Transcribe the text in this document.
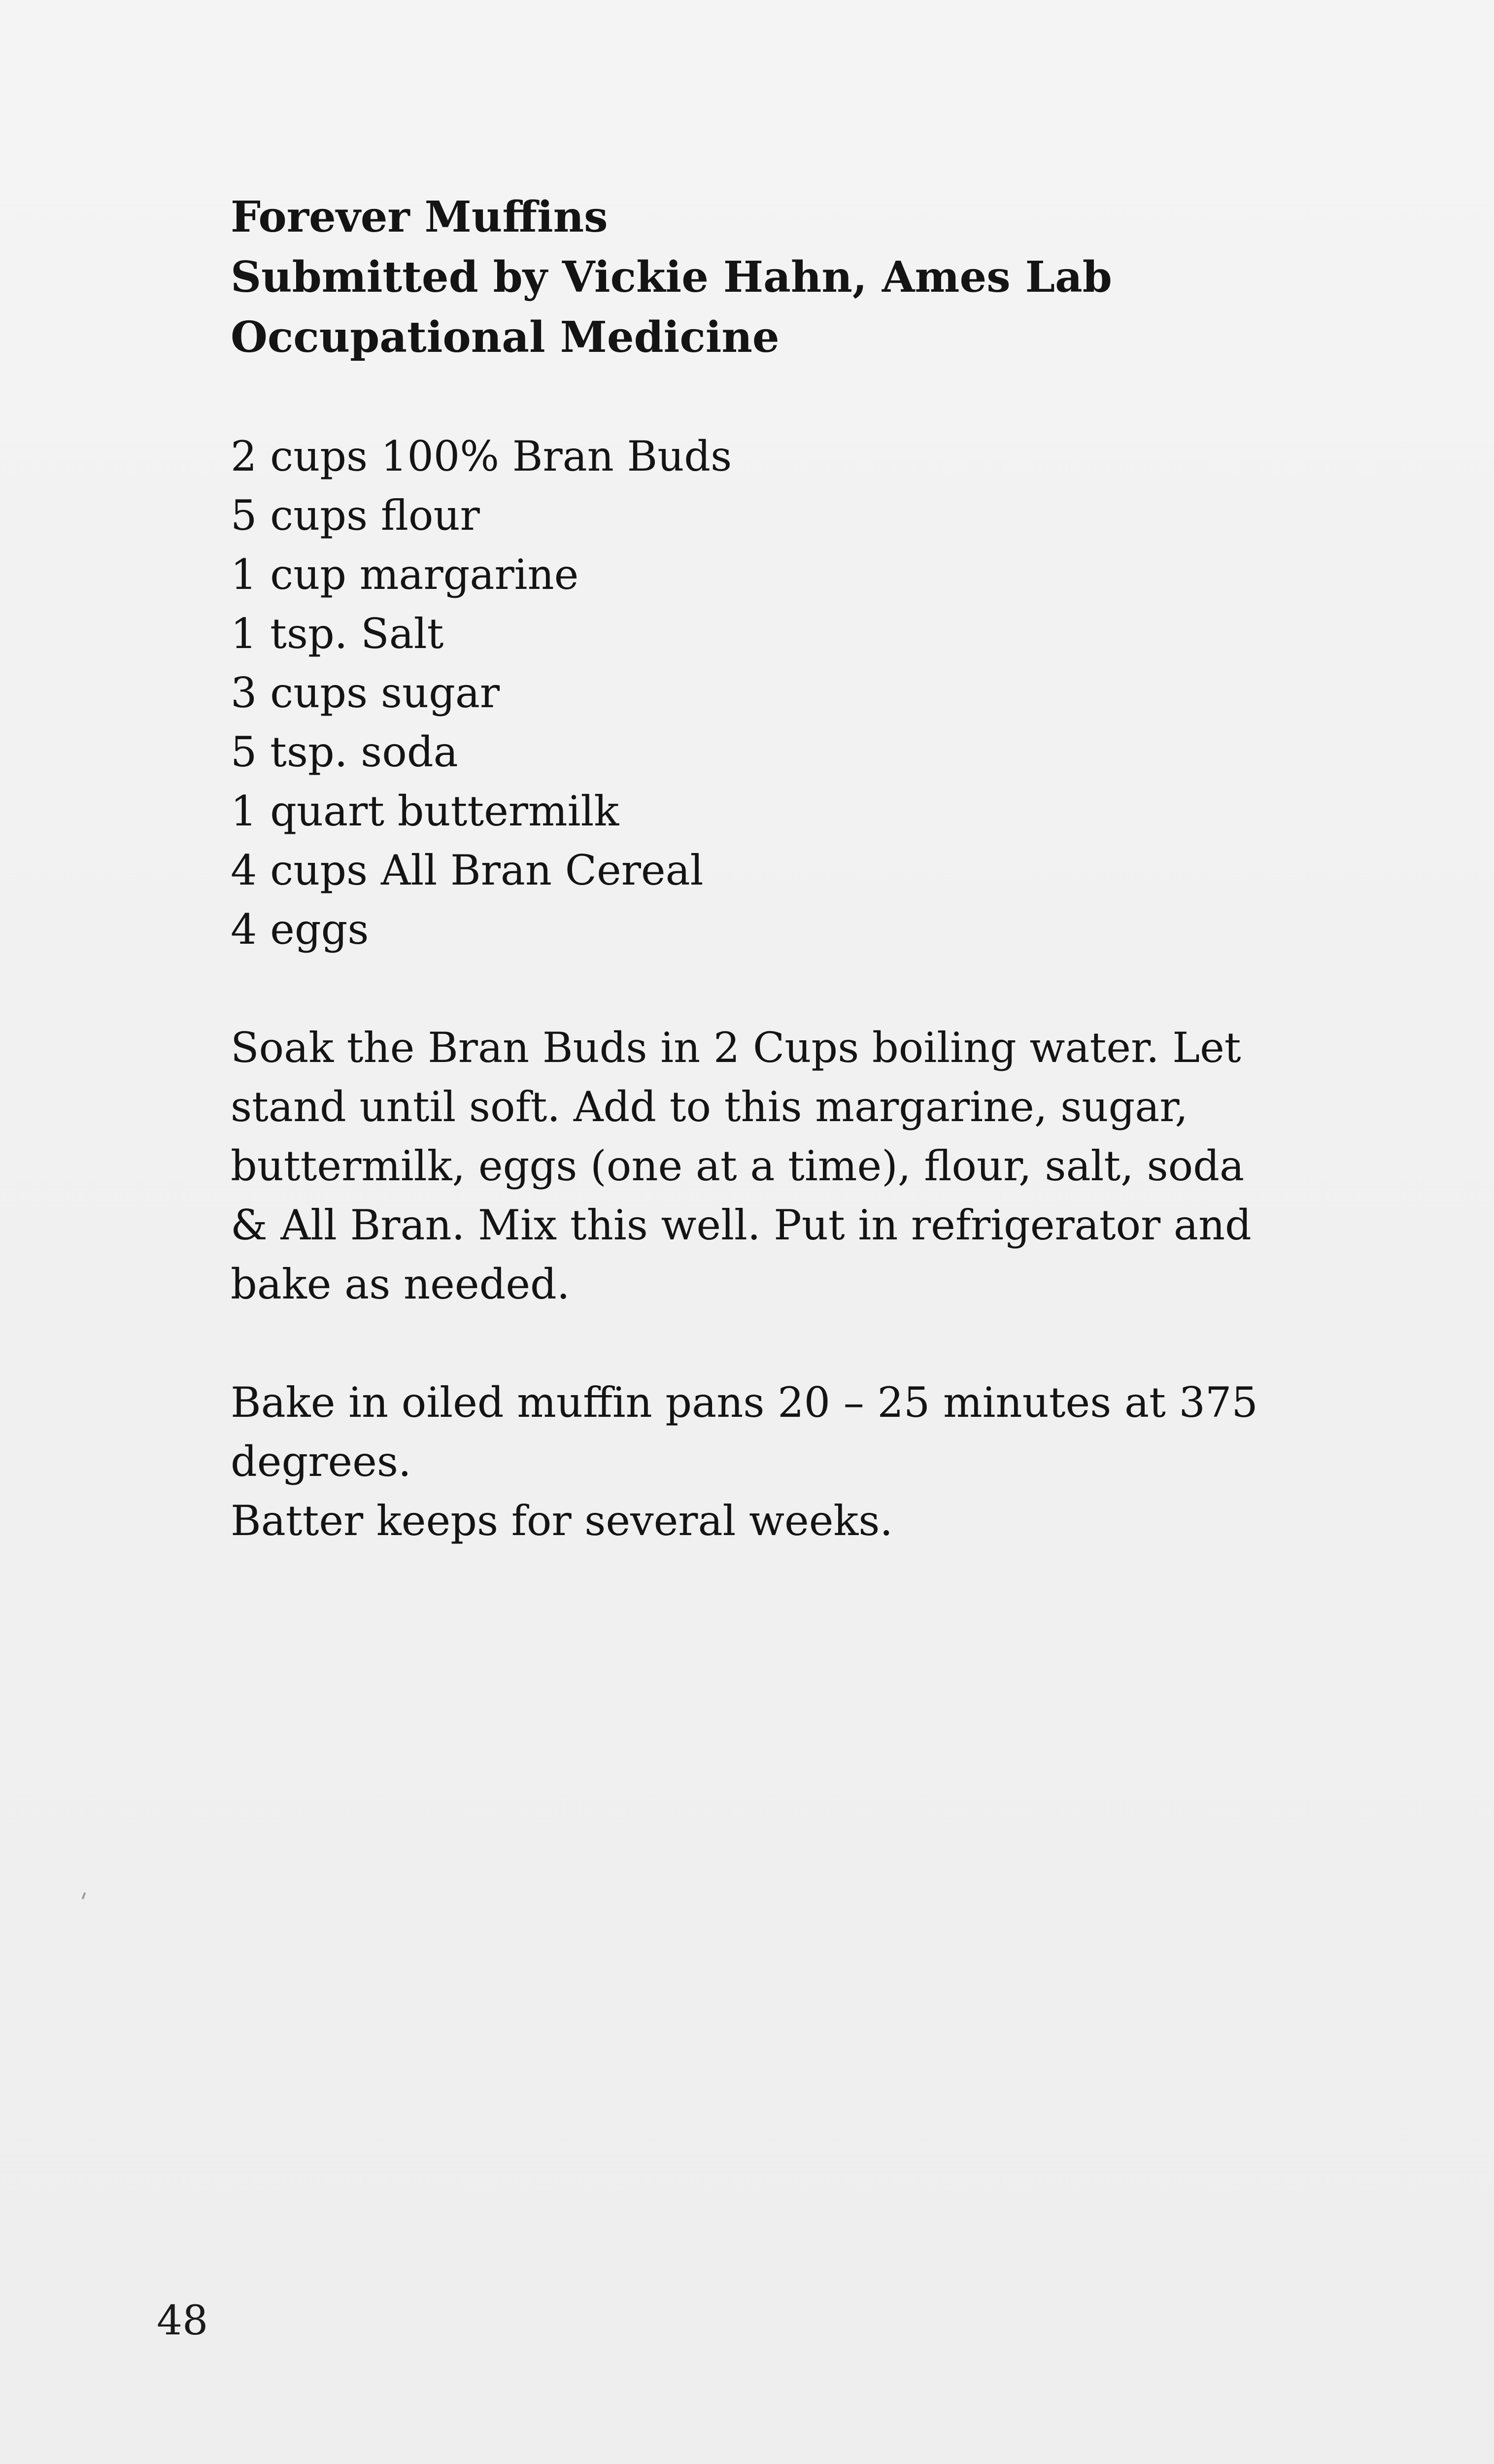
Forever Muffins
Submitted by Vickie Hahn, Ames Lab
Occupational Medicine
2 cups 100% Bran Buds
5 cups flour
1 cup margarine
1 tsp. Salt
3 cups sugar
5 tsp. soda
1 quart buttermilk
4 cups All Bran Cereal
4 eggs
Soak the Bran Buds in 2 Cups boiling water. Let
stand until soft. Add to this margarine, sugar,
buttermilk, eggs (one at a time), flour, salt, soda
& All Bran. Mix this well. Put in refrigerator and
bake as needed.
Bake in oiled muffin pans 20 – 25 minutes at 375
degrees.
Batter keeps for several weeks.
48
